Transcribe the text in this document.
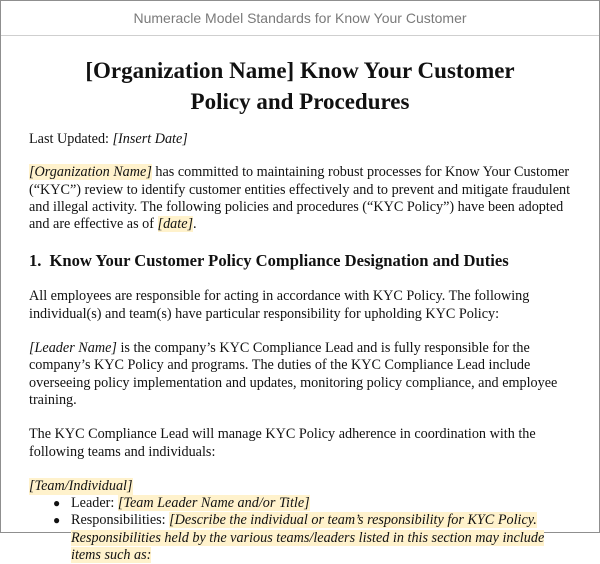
Numeracle Model Standards for Know Your Customer
[Organization Name] Know Your Customer
Policy and Procedures

Last Updated: [Insert Date]

[Organization Name] has committed to maintaining robust processes for Know Your Customer (“KYC”) review to identify customer entities effectively and to prevent and mitigate fraudulent and illegal activity. The following policies and procedures (“KYC Policy”) have been adopted and are effective as of [date].

1. Know Your Customer Policy Compliance Designation and Duties

All employees are responsible for acting in accordance with KYC Policy. The following individual(s) and team(s) have particular responsibility for upholding KYC Policy:

[Leader Name] is the company’s KYC Compliance Lead and is fully responsible for the company’s KYC Policy and programs. The duties of the KYC Compliance Lead include overseeing policy implementation and updates, monitoring policy compliance, and employee training.

The KYC Compliance Lead will manage KYC Policy adherence in coordination with the following teams and individuals:

[Team/Individual]

● Leader: [Team Leader Name and/or Title]
● Responsibilities: [Describe the individual or team’s responsibility for KYC Policy. Responsibilities held by the various teams/leaders listed in this section may include items such as:
